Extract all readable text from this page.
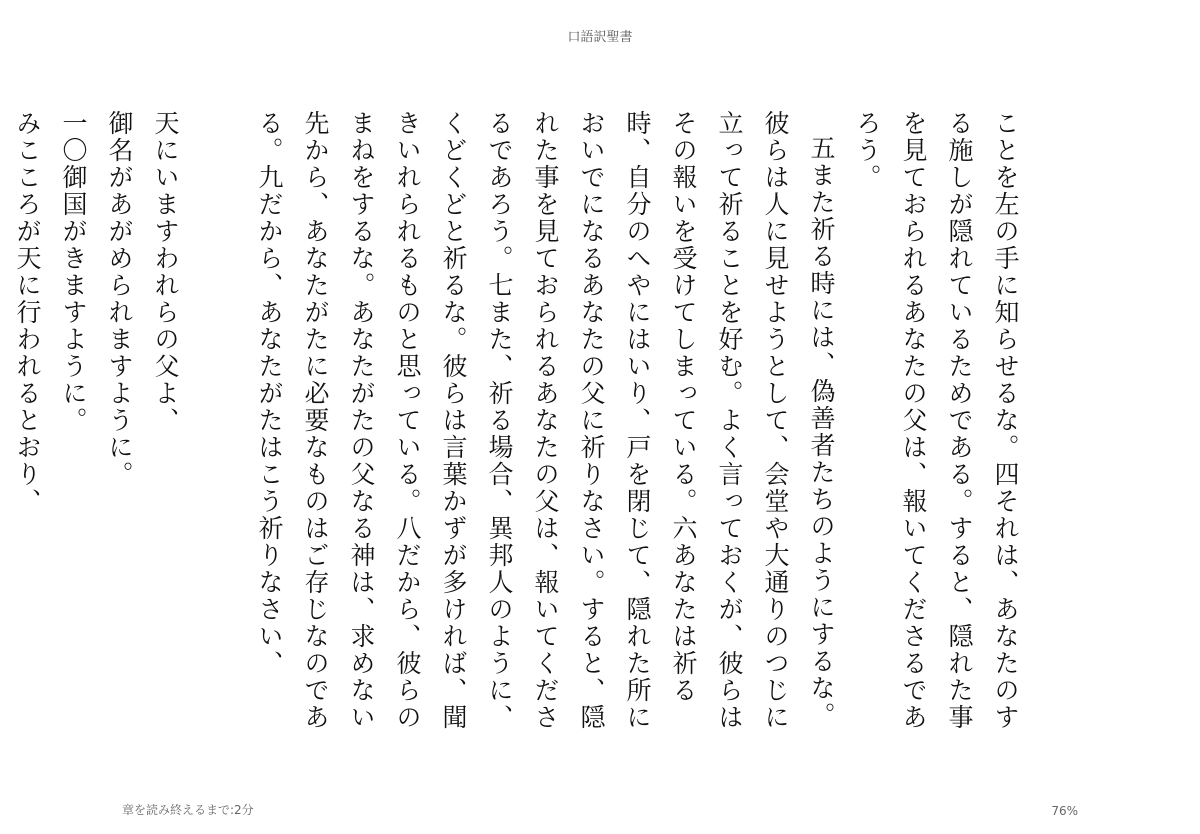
口語訳聖書

ことを左の手に知らせるな。四それは、あなたのする施しが隠れているためである。すると、隠れた事を見ておられるあなたの父は、報いてくださるであろう。

五また祈る時には、偽善者たちのようにするな。彼らは人に見せようとして、会堂や大通りのつじに立って祈ることを好む。よく言っておくが、彼らはその報いを受けてしまっている。六あなたは祈る時、自分のへやにはいり、戸を閉じて、隠れた所においでになるあなたの父に祈りなさい。すると、隠れた事を見ておられるあなたの父は、報いてくださるであろう。七また、祈る場合、異邦人のように、くどくどと祈るな。彼らは言葉かずが多ければ、聞きいれられるものと思っている。八だから、彼らのまねをするな。あなたがたの父なる神は、求めない先から、あなたがたに必要なものはご存じなのである。九だから、あなたがたはこう祈りなさい、

天にいますわれらの父よ、

御名があがめられますように。

一〇御国がきますように。

みこころが天に行われるとおり、

章を読み終えるまで:2分	76%
